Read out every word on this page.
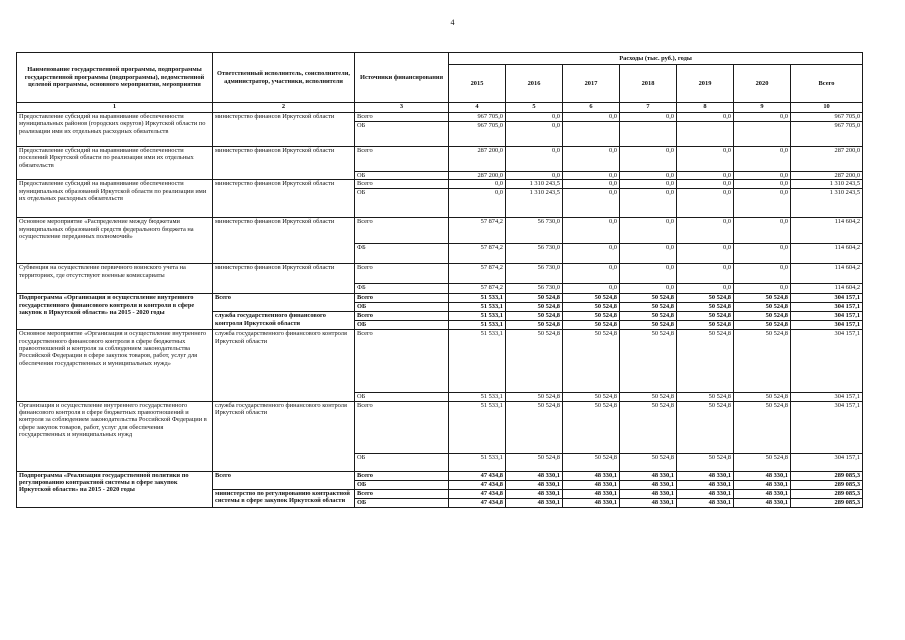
4
Наименование государственной программы, подпрограммы государственной программы (подпрограммы), ведомственной целевой программы, основного мероприятия, мероприятия	Ответственный исполнитель, соисполнители, администратор, участники, исполнители	Источники финансирования	Расходы (тыс. руб.), годы						
			2015	2016	2017	2018	2019	2020	Всего
1	2	3	4	5	6	7	8	9	10
Предоставление субсидий на выравнивание обеспеченности муниципальных районов (городских округов) Иркутской области по реализации ими их отдельных расходных обязательств	министерство финансов Иркутской области	Всего	967 705,0	0,0	0,0	0,0	0,0	0,0	967 705,0
		ОБ	967 705,0	0,0					967 705,0
Предоставление субсидий на выравнивание обеспеченности поселений Иркутской области по реализации ими их отдельных обязательств	министерство финансов Иркутской области	Всего	287 200,0	0,0	0,0	0,0	0,0	0,0	287 200,0
		ОБ	287 200,0	0,0	0,0	0,0	0,0	0,0	287 200,0
Предоставление субсидий на выравнивание обеспеченности муниципальных образований Иркутской области по реализации ими их отдельных расходных обязательств	министерство финансов Иркутской области	Всего	0,0	1 310 243,5	0,0	0,0	0,0	0,0	1 310 243,5
		ОБ	0,0	1 310 243,5	0,0	0,0	0,0	0,0	1 310 243,5
Основное мероприятие «Распределение между бюджетами муниципальных образований средств федерального бюджета на осуществление переданных полномочий»	министерство финансов Иркутской области	Всего	57 874,2	56 730,0	0,0	0,0	0,0	0,0	114 604,2
		ФБ	57 874,2	56 730,0	0,0	0,0	0,0	0,0	114 604,2
Субвенция на осуществление первичного воинского учета на территориях, где отсутствуют военные комиссариаты	министерство финансов Иркутской области	Всего	57 874,2	56 730,0	0,0	0,0	0,0	0,0	114 604,2
		ФБ	57 874,2	56 730,0	0,0	0,0	0,0	0,0	114 604,2
Подпрограмма «Организация и осуществление внутреннего государственного финансового контроля и контроля в сфере закупок в Иркутской области» на 2015 - 2020 годы	Всего	Всего	51 533,1	50 524,8	50 524,8	50 524,8	50 524,8	50 524,8	304 157,1
		ОБ	51 533,1	50 524,8	50 524,8	50 524,8	50 524,8	50 524,8	304 157,1
	служба государственного финансового контроля Иркутской области	Всего	51 533,1	50 524,8	50 524,8	50 524,8	50 524,8	50 524,8	304 157,1
		ОБ	51 533,1	50 524,8	50 524,8	50 524,8	50 524,8	50 524,8	304 157,1
Основное мероприятие «Организация и осуществление внутреннего государственного финансового контроля в сфере бюджетных правоотношений и контроля за соблюдением законодательства Российской Федерации в сфере закупок товаров, работ, услуг для обеспечения государственных и муниципальных нужд»	служба государственного финансового контроля Иркутской области	Всего	51 533,1	50 524,8	50 524,8	50 524,8	50 524,8	50 524,8	304 157,1
		ОБ	51 533,1	50 524,8	50 524,8	50 524,8	50 524,8	50 524,8	304 157,1
Организация и осуществление внутреннего государственного финансового контроля в сфере бюджетных правоотношений и контроля за соблюдением законодательства Российской Федерации в сфере закупок товаров, работ, услуг для обеспечения государственных и муниципальных нужд	служба государственного финансового контроля Иркутской области	Всего	51 533,1	50 524,8	50 524,8	50 524,8	50 524,8	50 524,8	304 157,1
		ОБ	51 533,1	50 524,8	50 524,8	50 524,8	50 524,8	50 524,8	304 157,1
Подпрограмма «Реализация государственной политики по регулированию контрактной системы в сфере закупок Иркутской области» на 2015 - 2020 годы	Всего	Всего	47 434,8	48 330,1	48 330,1	48 330,1	48 330,1	48 330,1	289 085,3
		ОБ	47 434,8	48 330,1	48 330,1	48 330,1	48 330,1	48 330,1	289 085,3
	министерство по регулированию контрактной системы в сфере закупок Иркутской области	Всего	47 434,8	48 330,1	48 330,1	48 330,1	48 330,1	48 330,1	289 085,3
		ОБ	47 434,8	48 330,1	48 330,1	48 330,1	48 330,1	48 330,1	289 085,3
